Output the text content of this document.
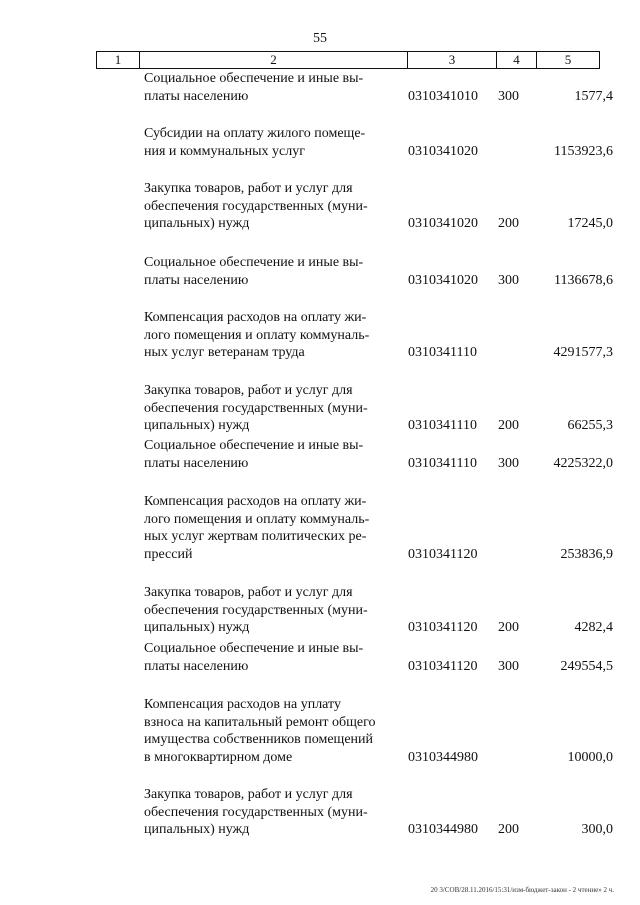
55
1	2	3	4	5
Социальное обеспечение и иные вы-
платы населению	0310341010 300	1577,4
Субсидии на оплату жилого помеще-
ния и коммунальных услуг	0310341020	1153923,6
Закупка товаров, работ и услуг для
обеспечения государственных (муни-
ципальных) нужд	0310341020 200	17245,0
Социальное обеспечение и иные вы-
платы населению	0310341020 300	1136678,6
Компенсация расходов на оплату жи-
лого помещения и оплату коммуналь-
ных услуг ветеранам труда	0310341110	4291577,3
Закупка товаров, работ и услуг для
обеспечения государственных (муни-
ципальных) нужд	0310341110 200	66255,3
Социальное обеспечение и иные вы-
платы населению	0310341110 300 4225322,0
Компенсация расходов на оплату жи-
лого помещения и оплату коммуналь-
ных услуг жертвам политических ре-
прессий	0310341120	253836,9
Закупка товаров, работ и услуг для
обеспечения государственных (муни-
ципальных) нужд	0310341120 200	4282,4
Социальное обеспечение и иные вы-
платы населению	0310341120 300	249554,5
Компенсация расходов на уплату
взноса на капитальный ремонт общего
имущества собственников помещений
в многоквартирном доме	0310344980	10000,0
Закупка товаров, работ и услуг для
обеспечения государственных (муни-
ципальных) нужд	0310344980 200	300,0
20 3/СОВ/28.11.2016/15:31/изм-бюджет-закон - 2 чтение» 2 ч.
